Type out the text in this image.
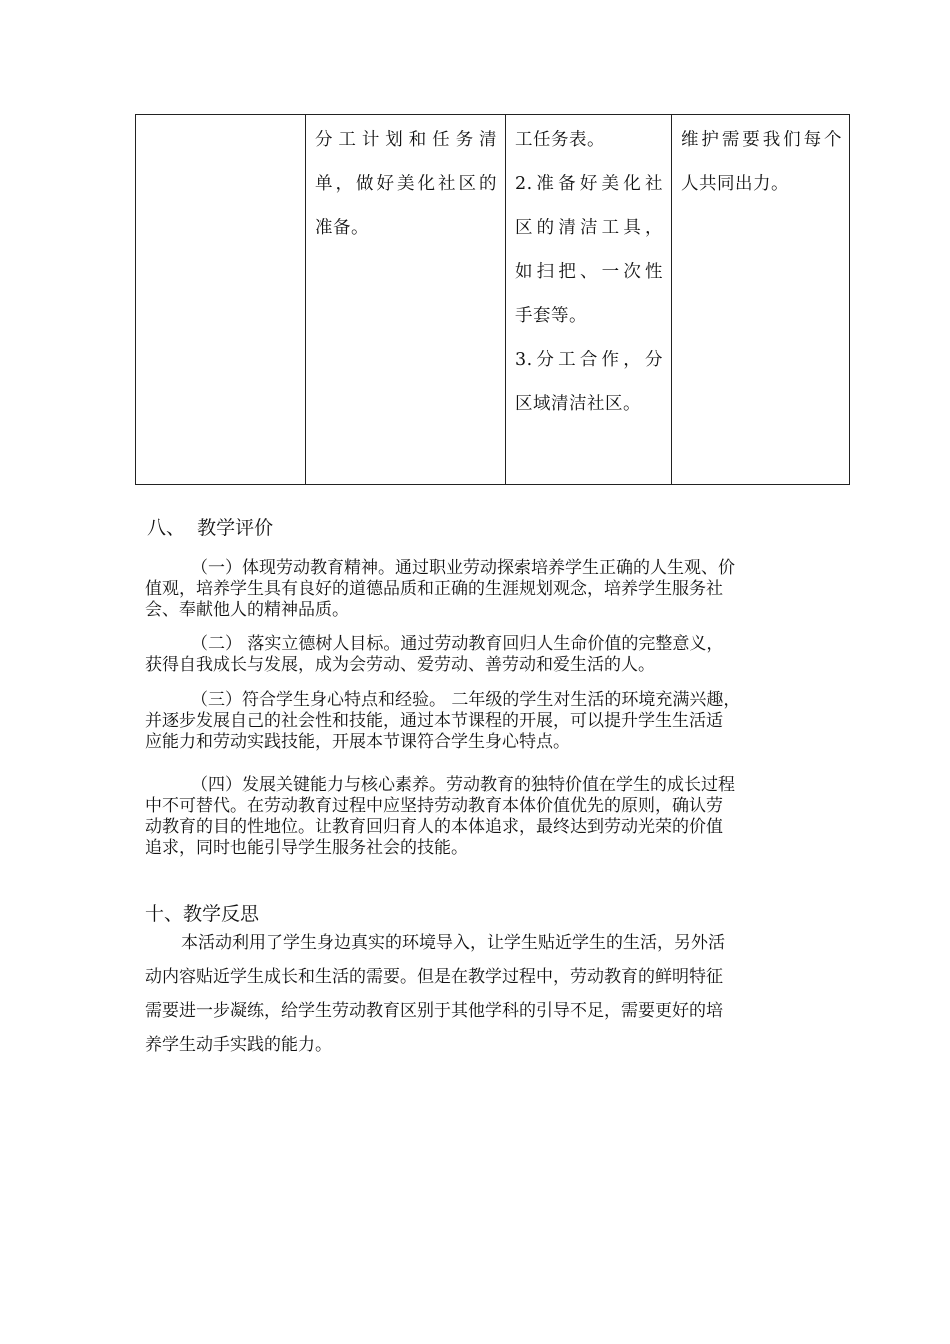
分工计划和任务清
单，做好美化社区的
准备。
工任务表。
2.准备好美化社
区的清洁工具，
如扫把、一次性
手套等。
3.分工合作，分
区域清洁社区。
维护需要我们每个
人共同出力。
八、  教学评价

（一）体现劳动教育精神。通过职业劳动探索培养学生正确的人生观、价
值观，培养学生具有良好的道德品质和正确的生涯规划观念，培养学生服务社
会、奉献他人的精神品质。

（二） 落实立德树人目标。通过劳动教育回归人生命价值的完整意义，
获得自我成长与发展，成为会劳动、爱劳动、善劳动和爱生活的人。

（三）符合学生身心特点和经验。 二年级的学生对生活的环境充满兴趣，
并逐步发展自己的社会性和技能，通过本节课程的开展，可以提升学生生活适
应能力和劳动实践技能，开展本节课符合学生身心特点。

（四）发展关键能力与核心素养。劳动教育的独特价值在学生的成长过程
中不可替代。在劳动教育过程中应坚持劳动教育本体价值优先的原则，确认劳
动教育的目的性地位。让教育回归育人的本体追求，最终达到劳动光荣的价值
追求，同时也能引导学生服务社会的技能。

十、教学反思
本活动利用了学生身边真实的环境导入，让学生贴近学生的生活，另外活
动内容贴近学生成长和生活的需要。但是在教学过程中，劳动教育的鲜明特征
需要进一步凝练，给学生劳动教育区别于其他学科的引导不足，需要更好的培
养学生动手实践的能力。
